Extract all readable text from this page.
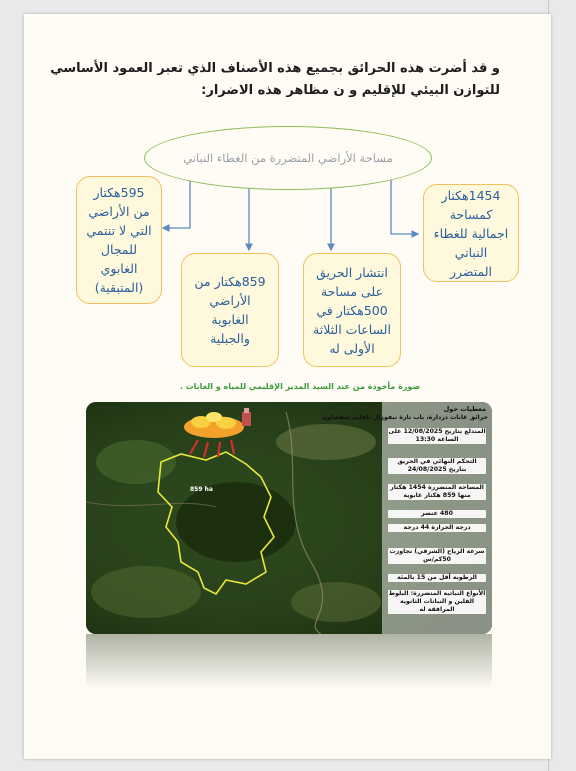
و قد أضرت هذه الحرائق بجميع هذه الأصناف الذي تعبر العمود الأساسي
للتوازن البيئي للإقليم و ن مظاهر هذه الاضرار:
مساحة الأراضي المتضررة من الغطاء النباتي
595هكتار من الأراضي التي لا تنتمي للمجال الغابوي (المتبقية)	859هكتار من الأراضي الغابوية والجبلية
انتشار الحريق على مساحة 500هكتار في الساعات الثلاثة الأولى له
1454هكتار كمساحة اجمالية للغطاء النباتي المتضرر
صورة مأخوذة من عند السيد المدير الإقليمي للمياه و الغابات .
859 ha
معطيات حول
حرائق غابات دردارة، باب تازة تيفوزال بإقليم شفشاون
المندلع بتاريخ 12/08/2025 على الساعة 13:30
التحكم النهائي في الحريق بتاريخ 24/08/2025
المساحة المتضررة 1454 هكتار منها 859 هكتار غابوية
480 عنصر
درجة الحرارة 44 درجة
سرعة الرياح (الشرقي) تجاوزت 50كم/س
الرطوبة أقل من 15 بالمئة
الأنواع النباتية المتضررة: البلوط الفلين و النباتات الثانوية المرافقة له
